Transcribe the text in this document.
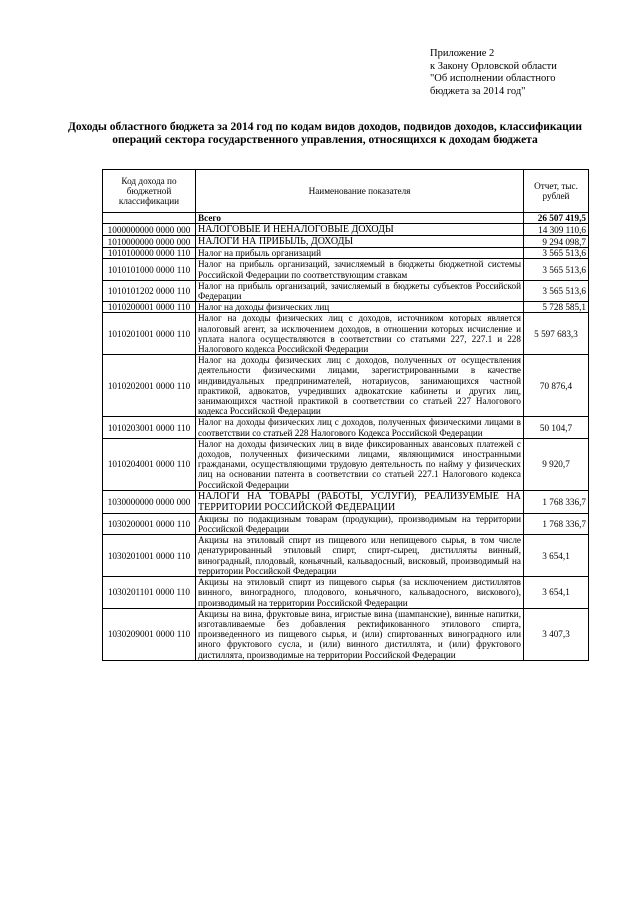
Приложение 2
к Закону Орловской области
"Об исполнении областного
бюджета за 2014 год"
Доходы областного бюджета за 2014 год по кодам видов доходов, подвидов доходов, классификации операций сектора государственного управления, относящихся к доходам бюджета
Код дохода по бюджетной классификации	Наименование показателя	Отчет, тыс. рублей
	Всего	26 507 419,5
1000000000 0000 000	НАЛОГОВЫЕ И НЕНАЛОГОВЫЕ ДОХОДЫ	14 309 110,6
1010000000 0000 000	НАЛОГИ НА ПРИБЫЛЬ, ДОХОДЫ	9 294 098,7
1010100000 0000 110	Налог на прибыль организаций	3 565 513,6
1010101000 0000 110	Налог на прибыль организаций, зачисляемый в бюджеты бюджетной системы Российской Федерации по соответствующим ставкам	3 565 513,6
1010101202 0000 110	Налог на прибыль организаций, зачисляемый в бюджеты субъектов Российской Федерации	3 565 513,6
1010200001 0000 110	Налог на доходы физических лиц	5 728 585,1
1010201001 0000 110	Налог на доходы физических лиц с доходов, источником которых является налоговый агент, за исключением доходов, в отношении которых исчисление и уплата налога осуществляются в соответствии со статьями 227, 227.1 и 228 Налогового кодекса Российской Федерации	5 597 683,3
1010202001 0000 110	Налог на доходы физических лиц с доходов, полученных от осуществления деятельности физическими лицами, зарегистрированными в качестве индивидуальных предпринимателей, нотариусов, занимающихся частной практикой, адвокатов, учредивших адвокатские кабинеты и других лиц, занимающихся частной практикой в соответствии со статьей 227 Налогового кодекса Российской Федерации	70 876,4
1010203001 0000 110	Налог на доходы физических лиц с доходов, полученных физическими лицами в соответствии со статьей 228 Налогового Кодекса Российской Федерации	50 104,7
1010204001 0000 110	Налог на доходы физических лиц в виде фиксированных авансовых платежей с доходов, полученных физическими лицами, являющимися иностранными гражданами, осуществляющими трудовую деятельность по найму у физических лиц на основании патента в соответствии со статьей 227.1 Налогового кодекса Российской Федерации	9 920,7
1030000000 0000 000	НАЛОГИ НА ТОВАРЫ (РАБОТЫ, УСЛУГИ), РЕАЛИЗУЕМЫЕ НА ТЕРРИТОРИИ РОССИЙСКОЙ ФЕДЕРАЦИИ	1 768 336,7
1030200001 0000 110	Акцизы по подакцизным товарам (продукции), производимым на территории Российской Федерации	1 768 336,7
1030201001 0000 110	Акцизы на этиловый спирт из пищевого или непищевого сырья, в том числе денатурированный этиловый спирт, спирт-сырец, дистилляты винный, виноградный, плодовый, коньячный, кальвадосный, висковый, производимый на территории Российской Федерации	3 654,1
1030201101 0000 110	Акцизы на этиловый спирт из пищевого сырья (за исключением дистиллятов винного, виноградного, плодового, коньячного, кальвадосного, вискового), производимый на территории Российской Федерации	3 654,1
1030209001 0000 110	Акцизы на вина, фруктовые вина, игристые вина (шампанские), винные напитки, изготавливаемые без добавления ректификованного этилового спирта, произведенного из пищевого сырья, и (или) спиртованных виноградного или иного фруктового сусла, и (или) винного дистиллята, и (или) фруктового дистиллята, производимые на территории Российской Федерации	3 407,3
